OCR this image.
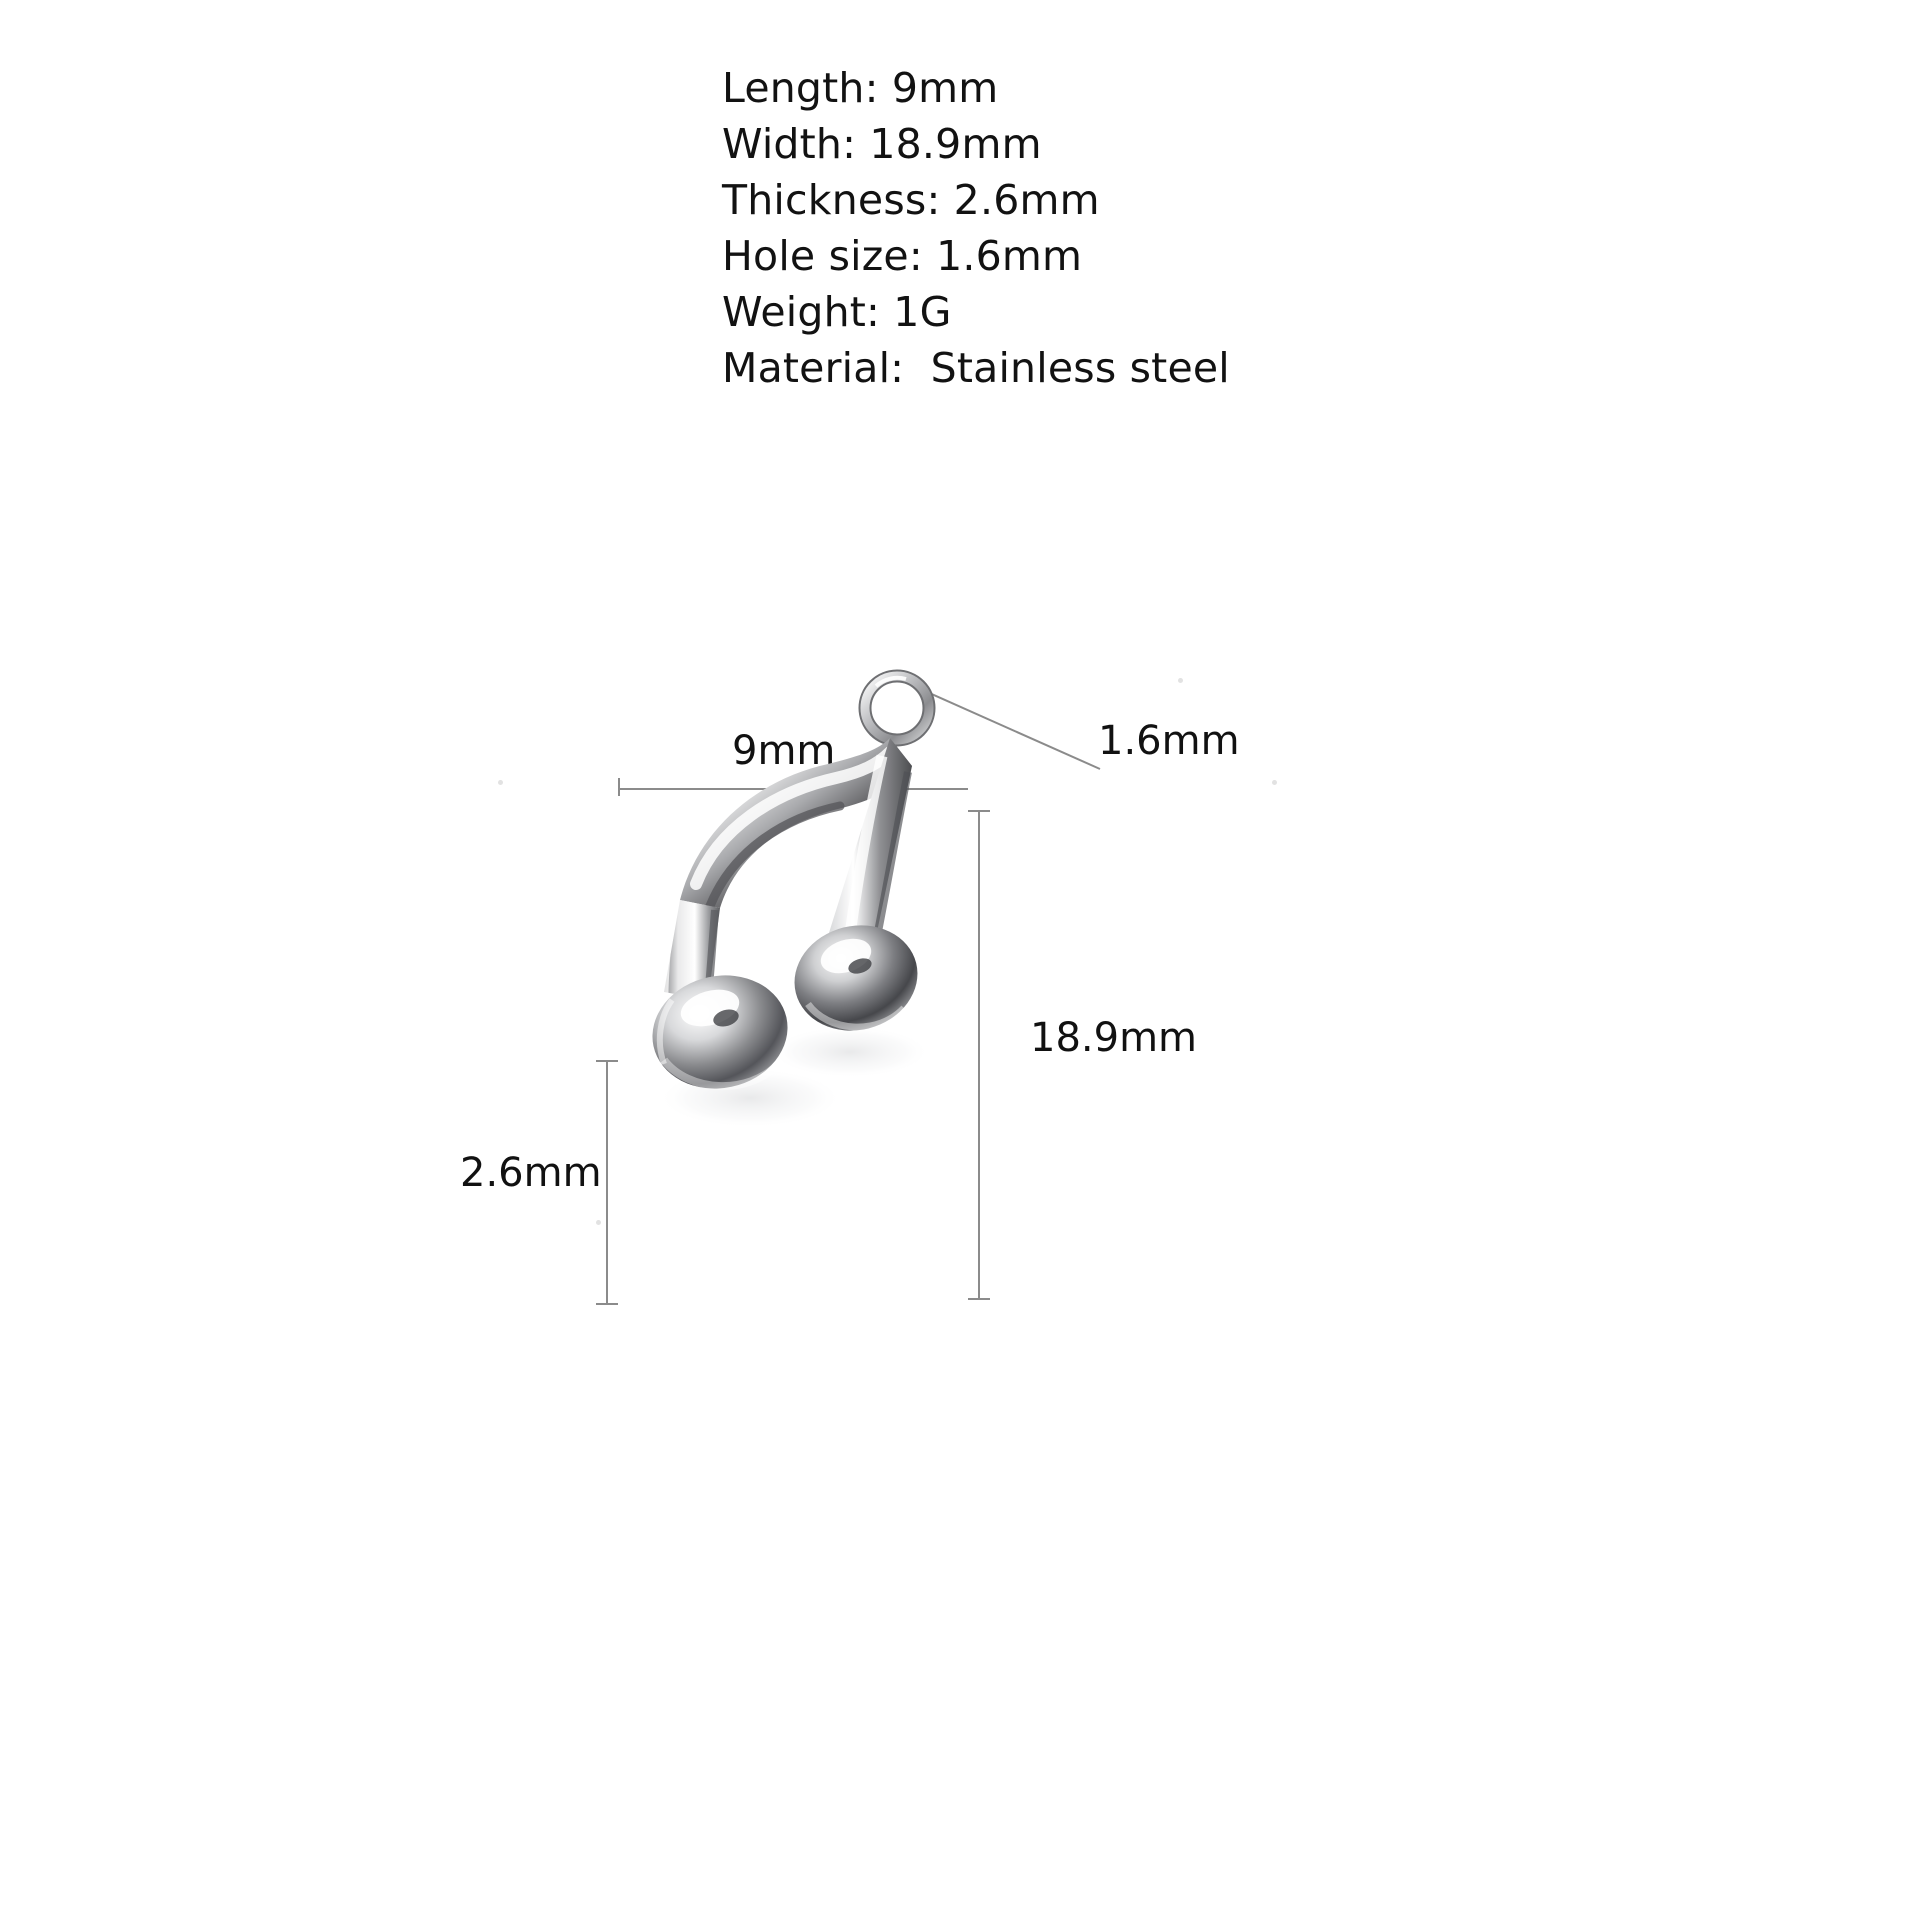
Length: 9mm
Width: 18.9mm
Thickness: 2.6mm
Hole size: 1.6mm
Weight: 1G
Material:  Stainless steel
9mm	1.6mm
18.9mm
2.6mm
